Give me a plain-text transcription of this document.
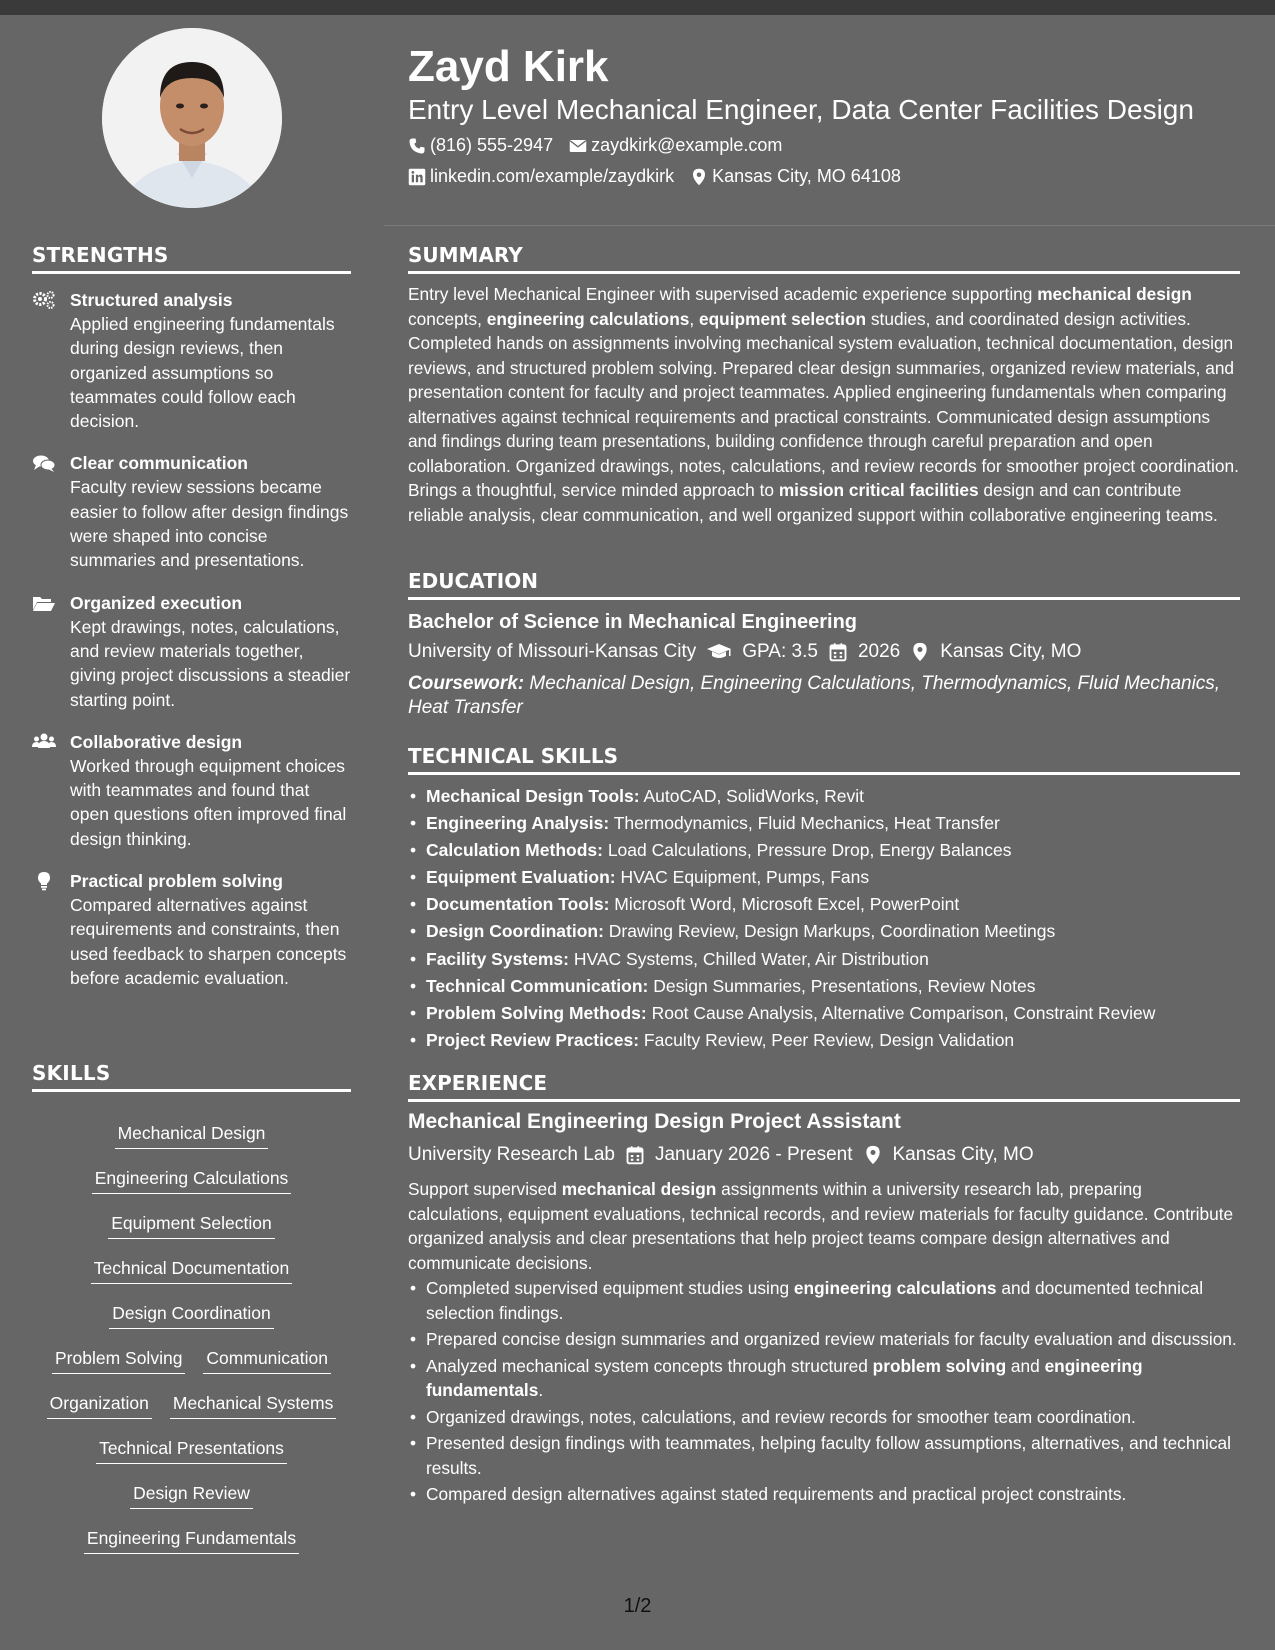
STRENGTHS
Structured analysis
Applied engineering fundamentals during design reviews, then organized assumptions so teammates could follow each decision.
Clear communication
Faculty review sessions became easier to follow after design findings were shaped into concise summaries and presentations.
Organized execution
Kept drawings, notes, calculations, and review materials together, giving project discussions a steadier starting point.
Collaborative design
Worked through equipment choices with teammates and found that open questions often improved final design thinking.
Practical problem solving
Compared alternatives against requirements and constraints, then used feedback to sharpen concepts before academic evaluation.
SKILLS
Mechanical Design
Engineering Calculations
Equipment Selection
Technical Documentation
Design Coordination
Problem Solving Communication
Organization Mechanical Systems
Technical Presentations
Design Review
Engineering Fundamentals
Zayd Kirk
Entry Level Mechanical Engineer, Data Center Facilities Design
(816) 555-2947 zaydkirk@example.com
linkedin.com/example/zaydkirk Kansas City, MO 64108
SUMMARY
Entry level Mechanical Engineer with supervised academic experience supporting mechanical design concepts, engineering calculations, equipment selection studies, and coordinated design activities. Completed hands on assignments involving mechanical system evaluation, technical documentation, design reviews, and structured problem solving. Prepared clear design summaries, organized review materials, and presentation content for faculty and project teammates. Applied engineering fundamentals when comparing alternatives against technical requirements and practical constraints. Communicated design assumptions and findings during team presentations, building confidence through careful preparation and open collaboration. Organized drawings, notes, calculations, and review records for smoother project coordination. Brings a thoughtful, service minded approach to mission critical facilities design and can contribute reliable analysis, clear communication, and well organized support within collaborative engineering teams.
EDUCATION
Bachelor of Science in Mechanical Engineering
University of Missouri-Kansas City GPA: 3.5 2026 Kansas City, MO
Coursework: Mechanical Design, Engineering Calculations, Thermodynamics, Fluid Mechanics, Heat Transfer
TECHNICAL SKILLS
• Mechanical Design Tools: AutoCAD, SolidWorks, Revit
• Engineering Analysis: Thermodynamics, Fluid Mechanics, Heat Transfer
• Calculation Methods: Load Calculations, Pressure Drop, Energy Balances
• Equipment Evaluation: HVAC Equipment, Pumps, Fans
• Documentation Tools: Microsoft Word, Microsoft Excel, PowerPoint
• Design Coordination: Drawing Review, Design Markups, Coordination Meetings
• Facility Systems: HVAC Systems, Chilled Water, Air Distribution
• Technical Communication: Design Summaries, Presentations, Review Notes
• Problem Solving Methods: Root Cause Analysis, Alternative Comparison, Constraint Review
• Project Review Practices: Faculty Review, Peer Review, Design Validation
EXPERIENCE
Mechanical Engineering Design Project Assistant
University Research Lab January 2026 - Present Kansas City, MO
Support supervised mechanical design assignments within a university research lab, preparing calculations, equipment evaluations, technical records, and review materials for faculty guidance. Contribute organized analysis and clear presentations that help project teams compare design alternatives and communicate decisions.
• Completed supervised equipment studies using engineering calculations and documented technical selection findings.
• Prepared concise design summaries and organized review materials for faculty evaluation and discussion.
• Analyzed mechanical system concepts through structured problem solving and engineering fundamentals.
• Organized drawings, notes, calculations, and review records for smoother team coordination.
• Presented design findings with teammates, helping faculty follow assumptions, alternatives, and technical results.
• Compared design alternatives against stated requirements and practical project constraints.
1/2
